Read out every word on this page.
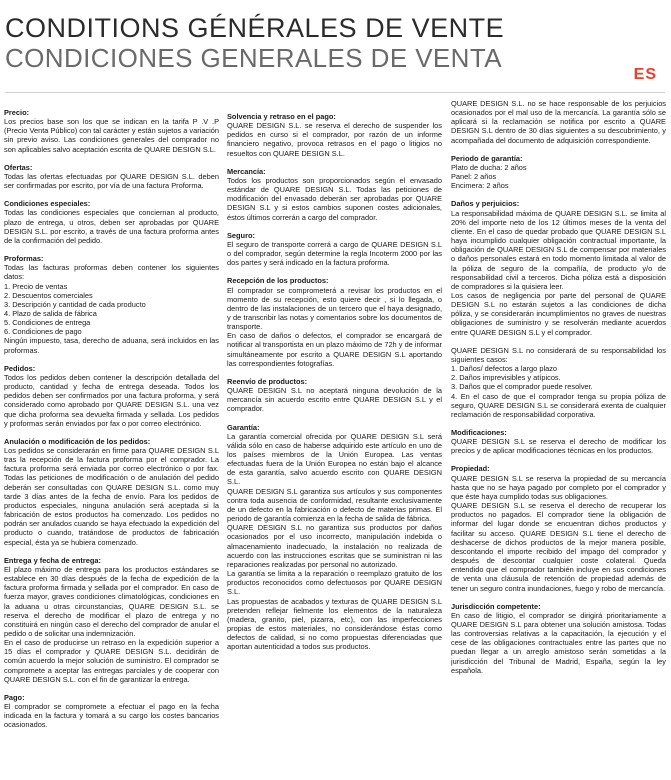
CONDITIONS GÉNÉRALES DE VENTE
CONDICIONES GENERALES DE VENTA
ES
Precio:

Los precios base son los que se indican en la tarifa P .V .P (Precio Venta Público) con tal carácter y están sujetos a variación sin previo aviso. Las condiciones generales del comprador no son aplicables salvo aceptación escrita de QUARE DESIGN S.L.

Ofertas:

Todas las ofertas efectuadas por QUARE DESIGN S.L. deben ser confirmadas por escrito, por vía de una factura Proforma.

Condiciones especiales:

Todas las condiciones especiales que conciernan al producto, plazo de entrega, u otros, deben ser aprobadas por QUARE DESIGN S.L. por escrito, a través de una factura proforma antes de la confirmación del pedido.

Proformas:

Todas las facturas proformas deben contener los siguientes datos:

1. Precio de ventas
2. Descuentos comerciales
3. Descripción y cantidad de cada producto
4. Plazo de salida de fábrica
5. Condiciones de entrega
6. Condiciones de pago

Ningún impuesto, tasa, derecho de aduana, será incluidos en las proformas.

Pedidos:

Todos los pedidos deben contener la descripción detallada del producto, cantidad y fecha de entrega deseada. Todos los pedidos deben ser confirmados por una factura proforma, y será considerado como aprobado por QUARE DESIGN S.L. una vez que dicha proforma sea devuelta firmada y sellada. Los pedidos y proformas serán enviados por fax o por correo electrónico.

Anulación o modificación de los pedidos:

Los pedidos se considerarán en firme para QUARE DESIGN S.L tras la recepción de la factura proforma por el comprador. La factura proforma será enviada por correo electrónico o por fax. Todas las peticiones de modificación o de anulación del pedido deberán ser consultadas con QUARE DESIGN S.L. como muy tarde 3 días antes de la fecha de envío. Para los pedidos de productos especiales, ninguna anulación será aceptada si la fabricación de estos productos ha comenzado. Los pedidos no podrán ser anulados cuando se haya efectuado la expedición del producto o cuando, tratándose de productos de fabricación especial, ésta ya se hubiera comenzado.

Entrega y fecha de entrega:

El plazo máximo de entrega para los productos estándares se establece en 30 días después de la fecha de expedición de la factura proforma firmada y sellada por el comprador. En caso de fuerza mayor, graves condiciones climatológicas, condiciones en la aduana u otras circunstancias, QUARE DESIGN S.L. se reserva el derecho de modificar el plazo de entrega y no constituirá en ningún caso el derecho del comprador de anular el pedido o de solicitar una indemnización.

En el caso de producirse un retraso en la expedición superior a 15 días el comprador y QUARE DESIGN S.L. decidirán de común acuerdo la mejor solución de suministro. El comprador se compromete a aceptar las entregas parciales y de cooperar con QUARE DESIGN S.L. con el fin de garantizar la entrega.

Pago:

El comprador se compromete a efectuar el pago en la fecha indicada en la factura y tomará a su cargo los costes bancarios ocasionados.

Solvencia y retraso en el pago:

QUARE DESIGN S.L. se reserva el derecho de suspender los pedidos en curso si el comprador, por razón de un informe financiero negativo, provoca retrasos en el pago o litigios no resueltos con QUARE DESIGN S.L.

Mercancía:

Todos los productos son proporcionados según el envasado estándar de QUARE DESIGN S.L. Todas las peticiones de modificación del envasado deberán ser aprobadas por QUARE DESIGN S.L y si estos cambios suponen costes adicionales, éstos últimos correrán a cargo del comprador.

Seguro:

El seguro de transporte correrá a cargo de QUARE DESIGN S.L o del comprador, según determine la regla Incoterm 2000 por las dos partes y será indicado en la factura proforma.

Recepción de los productos:

El comprador se comprometerá a revisar los productos en el momento de su recepción, esto quiere decir , si lo llegada, o dentro de las instalaciones de un tercero que el haya designado, y de transcribir las notas y comentarios sobre los documentos de transporte.

En caso de daños o defectos, el comprador se encargará de notificar al transportista en un plazo máximo de 72h y de informar simultáneamente por escrito a QUARE DESIGN S.L aportando las correspondientes fotografías.

Reenvío de productos:

QUARE DESIGN S.L no aceptará ninguna devolución de la mercancía sin acuerdo escrito entre QUARE DESIGN S.L y el comprador.

Garantía:

La garantía comercial ofrecida por QUARE DESIGN S.L será válida sólo en caso de haberse adquirido este artículo en uno de los países miembros de la Unión Europea. Las ventas efectuadas fuera de la Unión Europea no están bajo el alcance de esta garantía, salvo acuerdo escrito con QUARE DESIGN S.L.

QUARE DESIGN S.L garantiza sus artículos y sus componentes contra toda ausencia de conformidad, resultante exclusivamente de un defecto en la fabricación o defecto de materias primas. El periodo de garantía comienza en la fecha de salida de fábrica.

QUARE DESIGN S.L no garantiza sus productos por daños ocasionados por el uso incorrecto, manipulación indebida o almacenamiento inadecuado, la instalación no realizada de acuerdo con las instrucciones escritas que se suministran ni las reparaciones realizadas por personal no autorizado.

La garantía se limita a la reparación o reemplazo gratuito de los productos reconocidos como defectuosos por QUARE DESIGN S.L.

Las propuestas de acabados y texturas de QUARE DESIGN S.L pretenden reflejar fielmente los elementos de la naturaleza (madera, granito, piel, pizarra, etc), con las imperfecciones propias de estos materiales, no considerándose éstas como defectos de calidad, si no como propuestas diferenciadas que aportan autenticidad a todos sus productos.

QUARE DESIGN S.L. no se hace responsable de los perjuicios ocasionados por el mal uso de la mercancía. La garantía sólo se aplicará si la reclamación se notifica por escrito a QUARE DESIGN S.L dentro de 30 días siguientes a su descubrimiento, y acompañada del documento de adquisición correspondiente.

Periodo de garantía:

Plato de ducha: 2 años

Panel: 2 años

Encimera: 2 años

Daños y perjuicios:

La responsabilidad máxima de QUARE DESIGN S.L. se limita al 20% del importe neto de los 12 últimos meses de la venta del cliente. En el caso de quedar probado que QUARE DESIGN S.L haya incumplido cualquier obligación contractual importante, la obligación de QUARE DESIGN S.L de compensar por materiales o daños personales estará en todo momento limitada al valor de la póliza de seguro de la compañía, de producto y/o de responsabilidad civil a terceros. Dicha póliza está a disposición de compradores si la quisiera leer.

Los casos de negligencia por parte del personal de QUARE DESIGN S.L no estarán sujetos a las condiciones de dicha póliza, y se considerarán incumplimientos no graves de nuestras obligaciones de suministro y se resolverán mediante acuerdos entre QUARE DESIGN S.L y el comprador.

QUARE DESIGN S.L no considerará de su responsabilidad los siguientes casos:

1. Daños/ defectos a largo plazo
2. Daños imprevisibles y atípicos.
3. Daños que el comprador puede resolver.
4. En el caso de que el comprador tenga su propia póliza de seguro, QUARE DESIGN S.L se considerará exenta de cualquier reclamación de responsabilidad corporativa.
Modificaciones:

QUARE DESIGN S.L se reserva el derecho de modificar los precios y de aplicar modificaciones técnicas en los productos.

Propiedad:

QUARE DESIGN S.L se reserva la propiedad de su mercancía hasta que no se haya pagado por completo por el comprador y que éste haya cumplido todas sus obligaciones.

QUARE DESIGN S.L se reserva el derecho de recuperar los productos no pagados. El comprador tiene la obligación de informar del lugar donde se encuentran dichos productos y facilitar su acceso. QUARE DESIGN S.L tiene el derecho de deshacerse de dichos productos de la mejor manera posible, descontando el importe recibido del impago del comprador y después de descontar cualquier coste colateral. Queda entendido que el comprador también incluye en sus condiciones de venta una cláusula de retención de propiedad además de tener un seguro contra inundaciones, fuego y robo de mercancía.

Jurisdicción competente:

En caso de litigio, el comprador se dirigirá prioritariamente a QUARE DESIGN S.L para obtener una solución amistosa. Todas las controversias relativas a la capacitación, la ejecución y el cese de las obligaciones contractuales entre las partes que no puedan llegar a un arreglo amistoso serán sometidas a la jurisdicción del Tribunal de Madrid, España, según la ley española.
